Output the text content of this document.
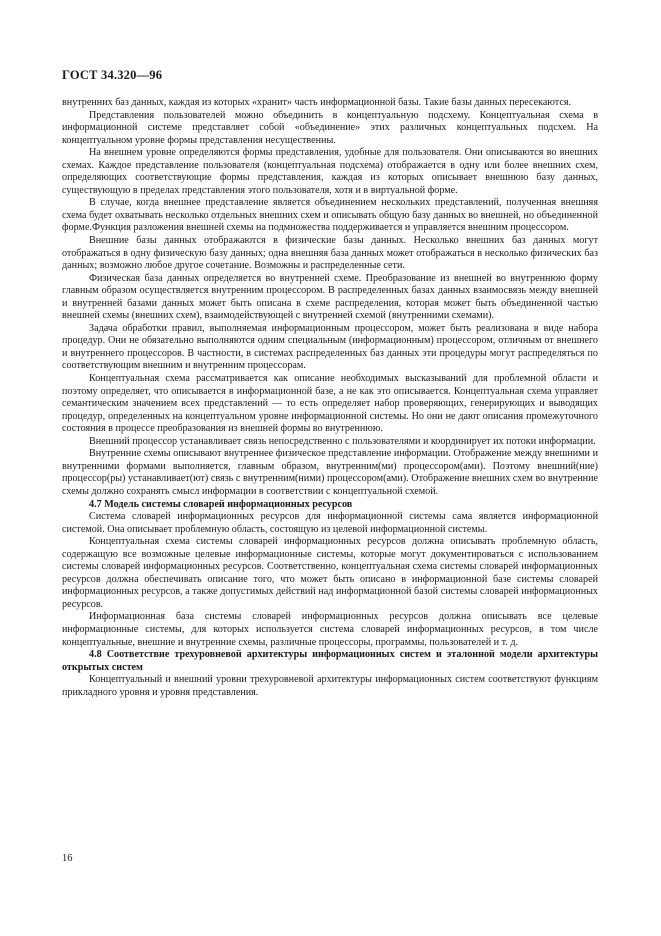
ГОСТ 34.320—96

внутренних баз данных, каждая из которых «хранит» часть информационной базы. Такие базы данных пересекаются.

Представления пользователей можно объединить в концептуальную подсхему. Концептуальная схема в информационной системе представляет собой «объединение» этих различных концептуальных подсхем. На концептуальном уровне формы представления несущественны.

На внешнем уровне определяются формы представления, удобные для пользователя. Они описываются во внешних схемах. Каждое представление пользователя (концептуальная подсхема) отображается в одну или более внешних схем, определяющих соответствующие формы представления, каждая из которых описывает внешнюю базу данных, существующую в пределах представления этого пользователя, хотя и в виртуальной форме.

В случае, когда внешнее представление является объединением нескольких представлений, полученная внешняя схема будет охватывать несколько отдельных внешних схем и описывать общую базу данных во внешней, но объединенной форме.Функция разложения внешней схемы на подмножества поддерживается и управляется внешним процессором.

Внешние базы данных отображаются в физические базы данных. Несколько внешних баз данных могут отображаться в одну физическую базу данных; одна внешняя база данных может отображаться в несколько физических баз данных; возможно любое другое сочетание. Возможны и распределенные сети.

Физическая база данных определяется во внутренней схеме. Преобразование из внешней во внутреннюю форму главным образом осуществляется внутренним процессором. В распределенных базах данных взаимосвязь между внешней и внутренней базами данных может быть описана в схеме распределения, которая может быть объединенной частью внешней схемы (внешних схем), взаимодействующей с внутренней схемой (внутренними схемами).

Задача обработки правил, выполняемая информационным процессором, может быть реализована в виде набора процедур. Они не обязательно выполняются одним специальным (информационным) процессором, отличным от внешнего и внутреннего процессоров. В частности, в системах распределенных баз данных эти процедуры могут распределяться по соответствующим внешним и внутренним процессорам.

Концептуальная схема рассматривается как описание необходимых высказываний для проблемной области и поэтому определяет, что описывается в информационной базе, а не как это описывается. Концептуальная схема управляет семантическим значением всех представлений — то есть определяет набор проверяющих, генерирующих и выводящих процедур, определенных на концептуальном уровне информационной системы. Но они не дают описания промежуточного состояния в процессе преобразования из внешней формы во внутреннюю.

Внешний процессор устанавливает связь непосредственно с пользователями и координирует их потоки информации.

Внутренние схемы описывают внутреннее физическое представление информации. Отображение между внешними и внутренними формами выполняется, главным образом, внутренним(ми) процессором(ами). Поэтому внешний(ние) процессор(ры) устанавливает(ют) связь с внутренним(ними) процессором(ами). Отображение внешних схем во внутренние схемы должно сохранять смысл информации в соответствии с концептуальной схемой.

4.7 Модель системы словарей информационных ресурсов

Система словарей информационных ресурсов для информационной системы сама является информационной системой. Она описывает проблемную область, состоящую из целевой информационной системы.

Концептуальная схема системы словарей информационных ресурсов должна описывать проблемную область, содержащую все возможные целевые информационные системы, которые могут документироваться с использованием системы словарей информационных ресурсов. Соответственно, концептуальная схема системы словарей информационных ресурсов должна обеспечивать описание того, что может быть описано в информационной базе системы словарей информационных ресурсов, а также допустимых действий над информационной базой системы словарей информационных ресурсов.

Информационная база системы словарей информационных ресурсов должна описывать все целевые информационные системы, для которых используется система словарей информационных ресурсов, в том числе концептуальные, внешние и внутренние схемы, различные процессоры, программы, пользователей и т. д.

4.8 Соответствие трехуровневой архитектуры информационных систем и эталонной модели архитектуры открытых систем

Концептуальный и внешний уровни трехуровневой архитектуры информационных систем соответствуют функциям прикладного уровня и уровня представления.

16
